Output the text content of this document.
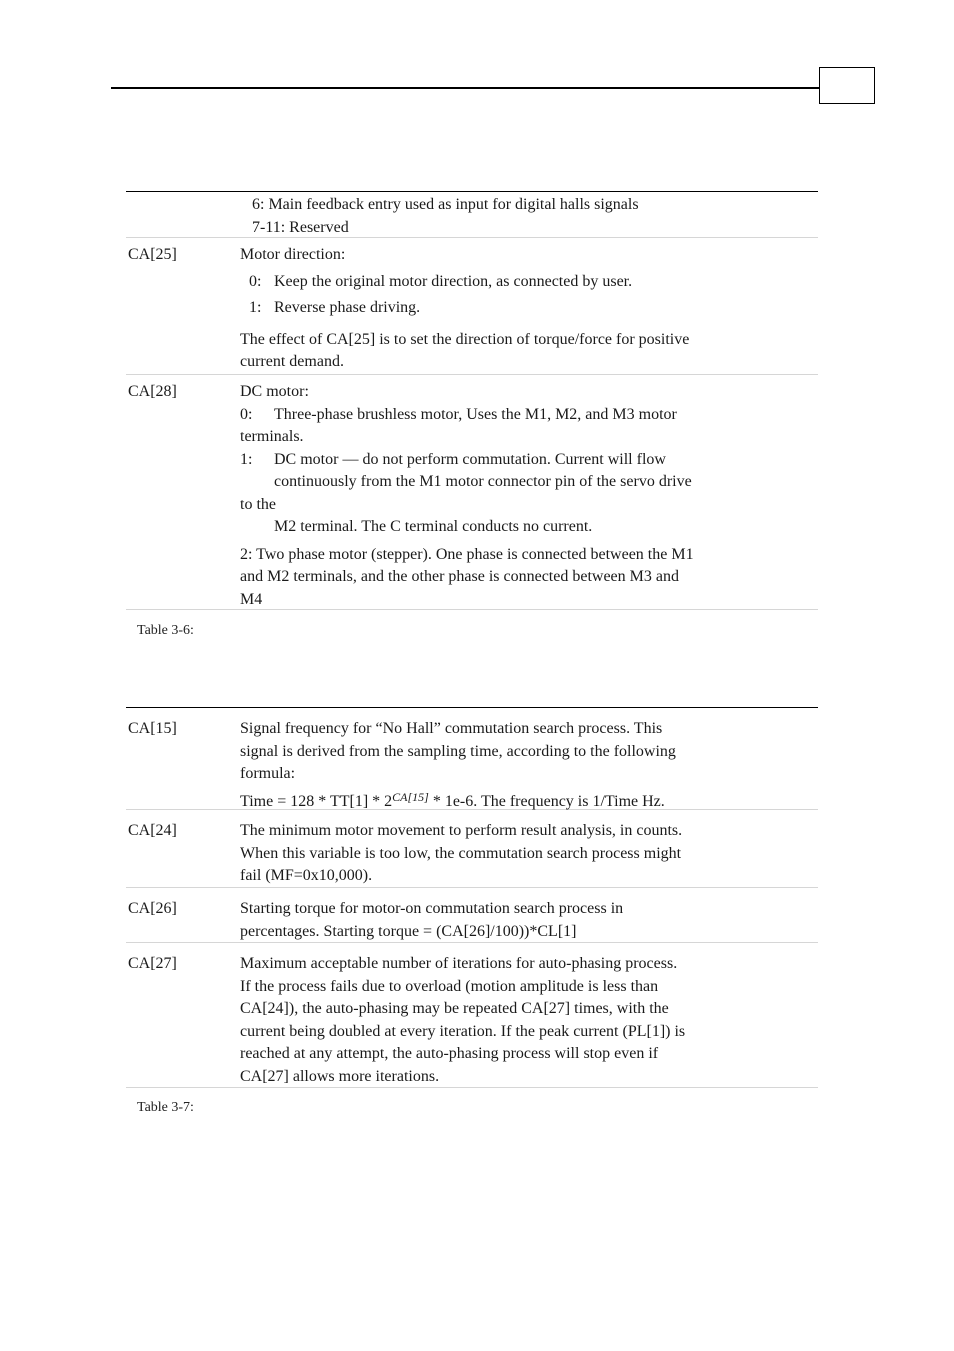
6: Main feedback entry used as input for digital halls signals
7-11: Reserved
CA[25]	Motor direction:
0: Keep the original motor direction, as connected by user.
1: Reverse phase driving.
The effect of CA[25] is to set the direction of torque/force for positive
current demand.
CA[28]	DC motor:
0:	Three-phase brushless motor, Uses the M1, M2, and M3 motor
terminals.
1:	DC motor — do not perform commutation. Current will flow
continuously from the M1 motor connector pin of the servo drive
to the
M2 terminal. The C terminal conducts no current.
2: Two phase motor (stepper). One phase is connected between the M1
and M2 terminals, and the other phase is connected between M3 and
M4
Table 3-6:
CA[15]	Signal frequency for “No Hall” commutation search process. This
signal is derived from the sampling time, according to the following
formula:
Time = $128 * TT[1] * 2^{CA[15]} * 1e-6$. The frequency is 1/Time Hz.
CA[24]	The minimum motor movement to perform result analysis, in counts.
When this variable is too low, the commutation search process might
fail (MF=0x10,000).
CA[26]	Starting torque for motor-on commutation search process in
percentages. Starting torque = (CA[26]/100))*CL[1]
CA[27]	Maximum acceptable number of iterations for auto-phasing process.
If the process fails due to overload (motion amplitude is less than
CA[24]), the auto-phasing may be repeated CA[27] times, with the
current being doubled at every iteration. If the peak current (PL[1]) is
reached at any attempt, the auto-phasing process will stop even if
CA[27] allows more iterations.
Table 3-7:
